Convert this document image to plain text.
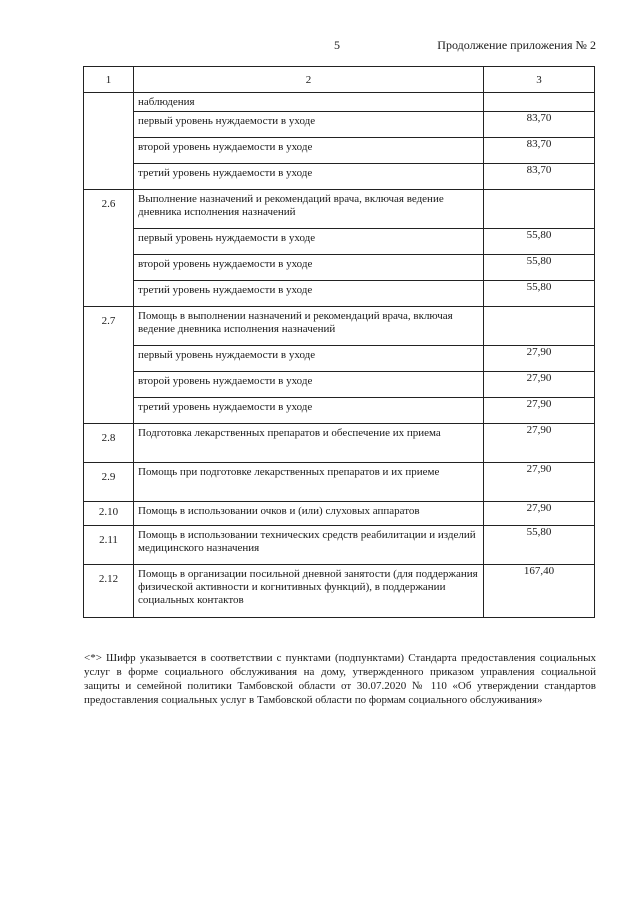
5	Продолжение приложения № 2
1	2	3
	наблюдения	
	первый уровень нуждаемости в уходе	83,70
	второй уровень нуждаемости в уходе	83,70
	третий уровень нуждаемости в уходе	83,70
2.6	Выполнение назначений и рекомендаций врача, включая ведение дневника исполнения назначений	
	первый уровень нуждаемости в уходе	55,80
	второй уровень нуждаемости в уходе	55,80
	третий уровень нуждаемости в уходе	55,80
2.7	Помощь в выполнении назначений и рекомендаций врача, включая ведение дневника исполнения назначений	
	первый уровень нуждаемости в уходе	27,90
	второй уровень нуждаемости в уходе	27,90
	третий уровень нуждаемости в уходе	27,90
2.8	Подготовка лекарственных препаратов и обеспечение их приема	27,90
2.9	Помощь при подготовке лекарственных препаратов и их приеме	27,90
2.10	Помощь в использовании очков и (или) слуховых аппаратов	27,90
2.11	Помощь в использовании технических средств реабилитации и изделий медицинского назначения	55,80
2.12	Помощь в организации посильной дневной занятости (для поддержания физической активности и когнитивных функций), в поддержании социальных контактов	167,40
<*> Шифр указывается в соответствии с пунктами (подпунктами) Стандарта предоставления социальных услуг в форме социального обслуживания на дому, утвержденного приказом управления социальной защиты и семейной политики Тамбовской области от 30.07.2020 № 110 «Об утверждении стандартов предоставления социальных услуг в Тамбовской области по формам социального обслуживания»
